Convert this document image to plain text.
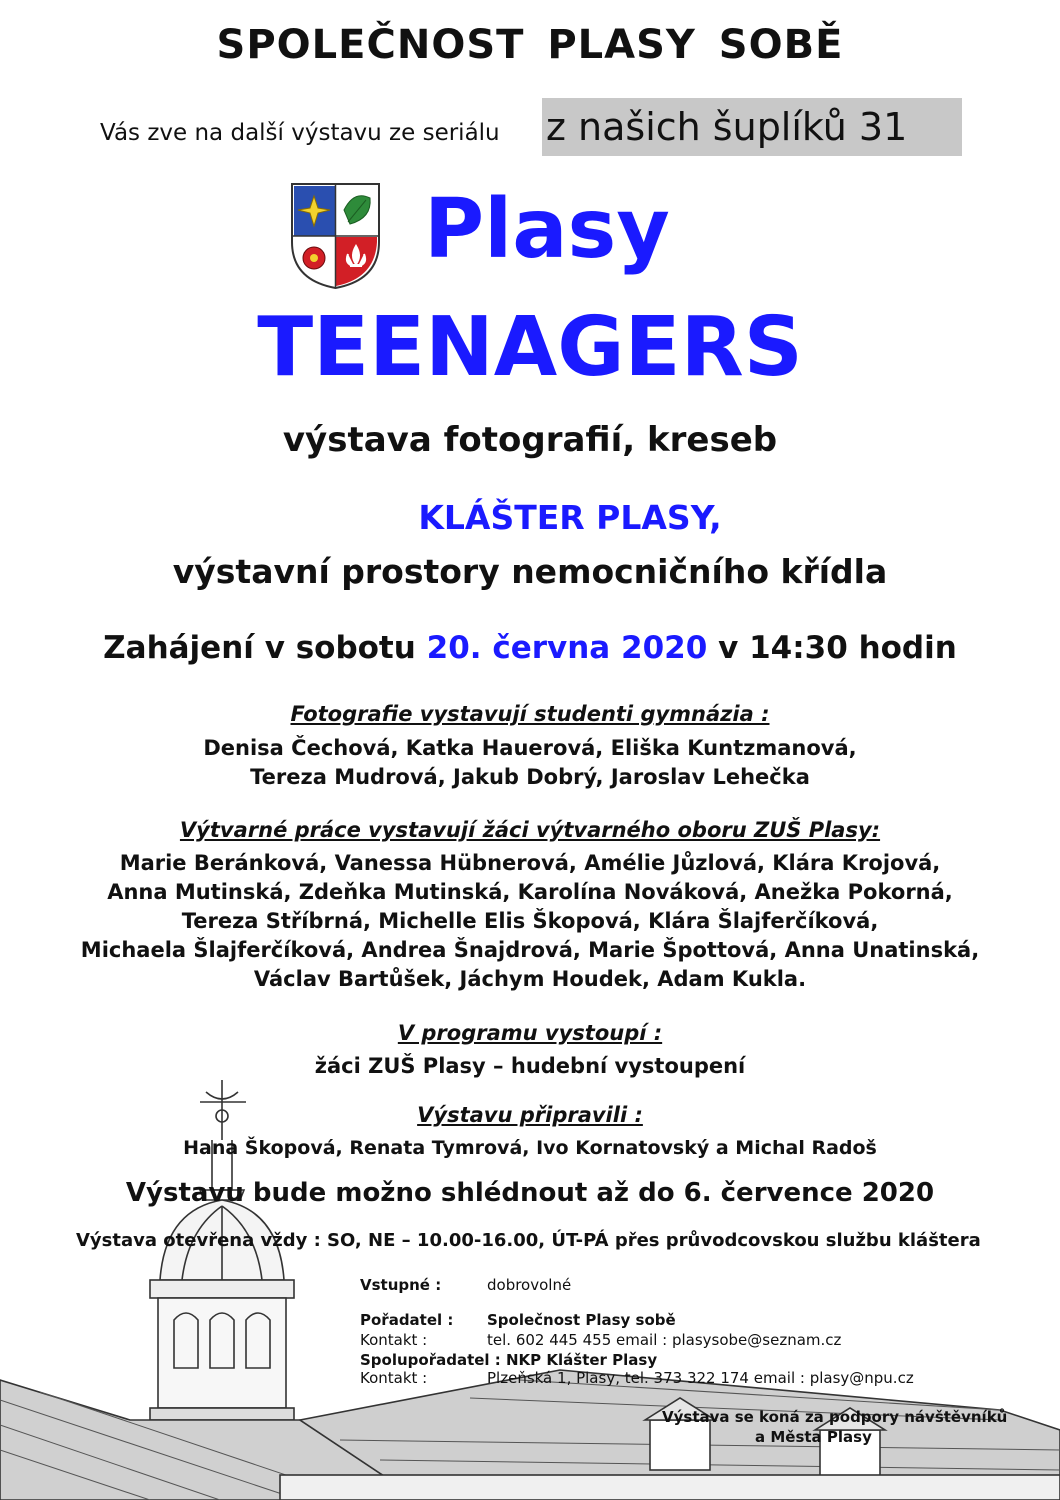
SPOLEČNOST PLASY SOBĚ
Vás zve na další výstavu ze seriálu z našich šuplíků 31
Plasy
TEENAGERS
výstava fotografií, kreseb
KLÁŠTER PLASY,
výstavní prostory nemocničního křídla
Zahájení v sobotu 20. června 2020 v 14:30 hodin
Fotografie vystavují studenti gymnázia :
Denisa Čechová, Katka Hauerová, Eliška Kuntzmanová,
Tereza Mudrová, Jakub Dobrý, Jaroslav Lehečka
Výtvarné práce vystavují žáci výtvarného oboru ZUŠ Plasy:
Marie Beránková, Vanessa Hübnerová, Amélie Jůzlová, Klára Krojová,
Anna Mutinská, Zdeňka Mutinská, Karolína Nováková, Anežka Pokorná,
Tereza Stříbrná, Michelle Elis Škopová, Klára Šlajferčíková,
Michaela Šlajferčíková, Andrea Šnajdrová, Marie Špottová, Anna Unatinská,
Václav Bartůšek, Jáchym Houdek, Adam Kukla.
V programu vystoupí :
žáci ZUŠ Plasy – hudební vystoupení
Výstavu připravili :
Hana Škopová, Renata Tymrová, Ivo Kornatovský a Michal Radoš
Výstavu bude možno shlédnout až do 6. července 2020
Výstava otevřena vždy : SO, NE – 10.00-16.00, ÚT-PÁ přes průvodcovskou službu kláštera
Vstupné :	dobrovolné
Pořadatel : Společnost Plasy sobě
Kontakt :	tel. 602 445 455 email : plasysobe@seznam.cz
Spolupořadatel : NKP Klášter Plasy
Kontakt :	Plzeňská 1, Plasy, tel. 373 322 174 email : plasy@npu.cz
Výstava se koná za podpory návštěvníků
a Města Plasy
